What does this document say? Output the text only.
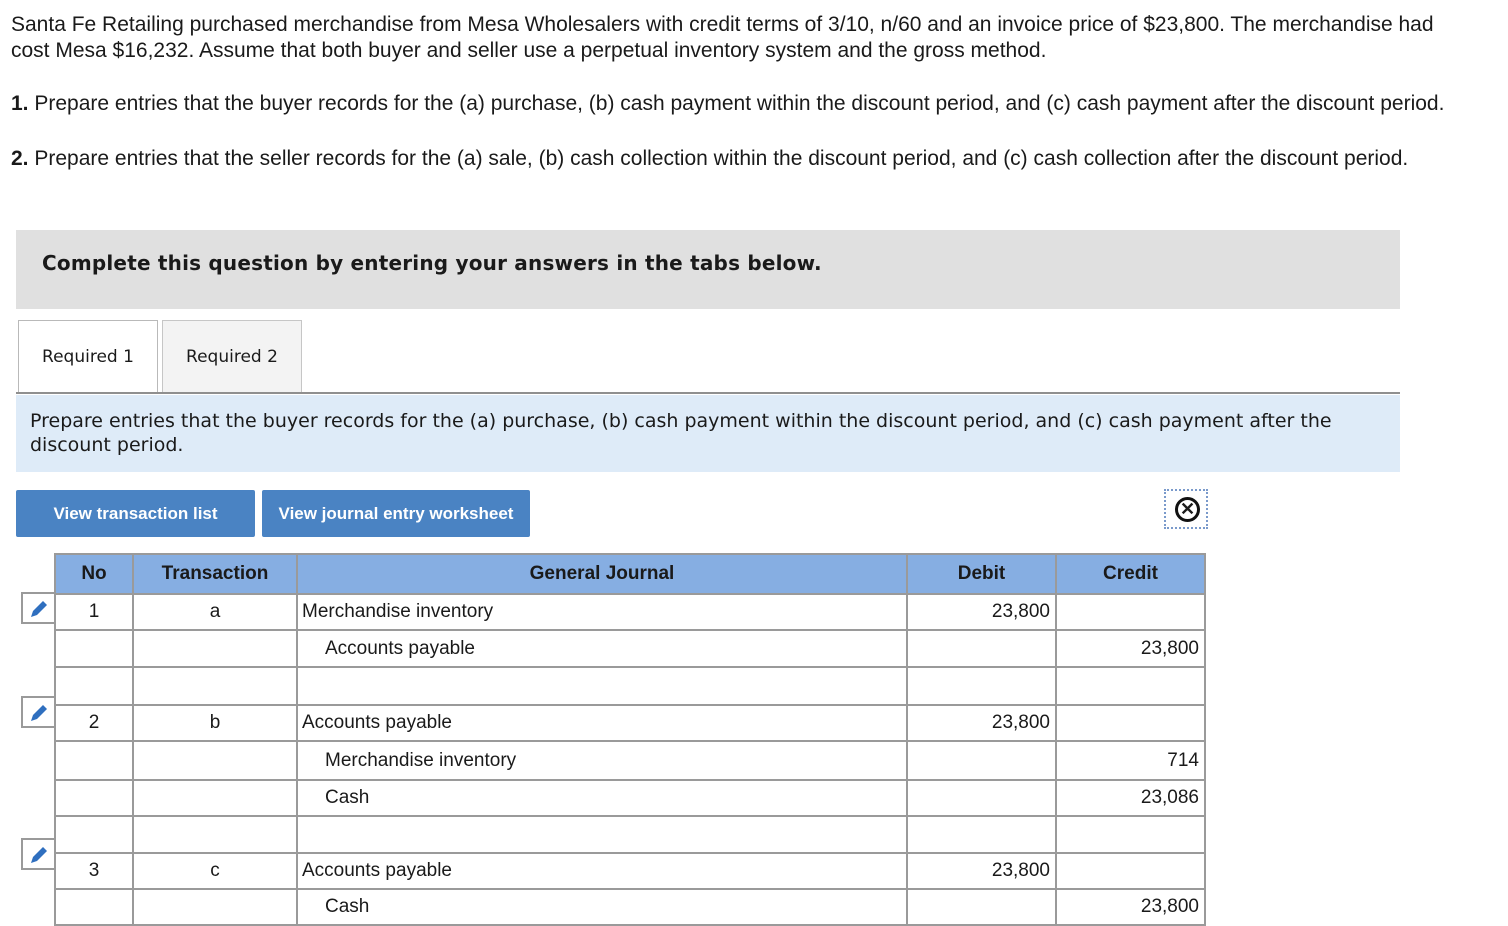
Santa Fe Retailing purchased merchandise from Mesa Wholesalers with credit terms of 3/10, n/60 and an invoice price of $23,800. The merchandise had cost Mesa $16,232. Assume that both buyer and seller use a perpetual inventory system and the gross method.
1. Prepare entries that the buyer records for the (a) purchase, (b) cash payment within the discount period, and (c) cash payment after the discount period.
2. Prepare entries that the seller records for the (a) sale, (b) cash collection within the discount period, and (c) cash collection after the discount period.
Complete this question by entering your answers in the tabs below.
Required 1	Required 2
Prepare entries that the buyer records for the (a) purchase, (b) cash payment within the discount period, and (c) cash payment after the discount period.
View transaction list	View journal entry worksheet	✕
No	Transaction	General Journal	Debit	Credit
1	a	Merchandise inventory	23,800	
		Accounts payable		23,800

2	b	Accounts payable	23,800	
		Merchandise inventory		714
		Cash		23,086

3	c	Accounts payable	23,800	
		Cash		23,800
